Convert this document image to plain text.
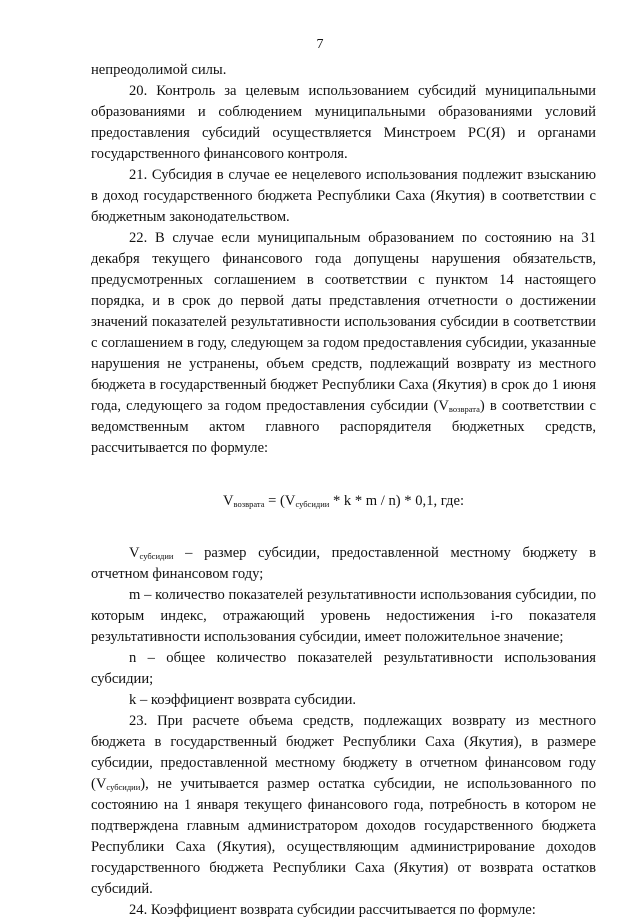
7

непреодолимой силы.

20. Контроль за целевым использованием субсидий муниципальными образованиями и соблюдением муниципальными образованиями условий предоставления субсидий осуществляется Минстроем РС(Я) и органами государственного финансового контроля.

21. Субсидия в случае ее нецелевого использования подлежит взысканию в доход государственного бюджета Республики Саха (Якутия) в соответствии с бюджетным законодательством.

22. В случае если муниципальным образованием по состоянию на 31 декабря текущего финансового года допущены нарушения обязательств, предусмотренных соглашением в соответствии с пунктом 14 настоящего порядка, и в срок до первой даты представления отчетности о достижении значений показателей результативности использования субсидии в соответствии с соглашением в году, следующем за годом предоставления субсидии, указанные нарушения не устранены, объем средств, подлежащий возврату из местного бюджета в государственный бюджет Республики Саха (Якутия) в срок до 1 июня года, следующего за годом предоставления субсидии $(V_{возврата})$ в соответствии с ведомственным актом главного распорядителя бюджетных средств, рассчитывается по формуле:

$V_{возврата} = (V_{субсидии} * k * m / n) * 0,1$, где:

$V_{субсидии}$ – размер субсидии, предоставленной местному бюджету в отчетном финансовом году;

m – количество показателей результативности использования субсидии, по которым индекс, отражающий уровень недостижения i-го показателя результативности использования субсидии, имеет положительное значение;

n – общее количество показателей результативности использования субсидии;

k – коэффициент возврата субсидии.

23. При расчете объема средств, подлежащих возврату из местного бюджета в государственный бюджет Республики Саха (Якутия), в размере субсидии, предоставленной местному бюджету в отчетном финансовом году $(V_{субсидии})$, не учитывается размер остатка субсидии, не использованного по состоянию на 1 января текущего финансового года, потребность в котором не подтверждена главным администратором доходов государственного бюджета Республики Саха (Якутия), осуществляющим администрирование доходов государственного бюджета Республики Саха (Якутия) от возврата остатков субсидий.

24. Коэффициент возврата субсидии рассчитывается по формуле:
